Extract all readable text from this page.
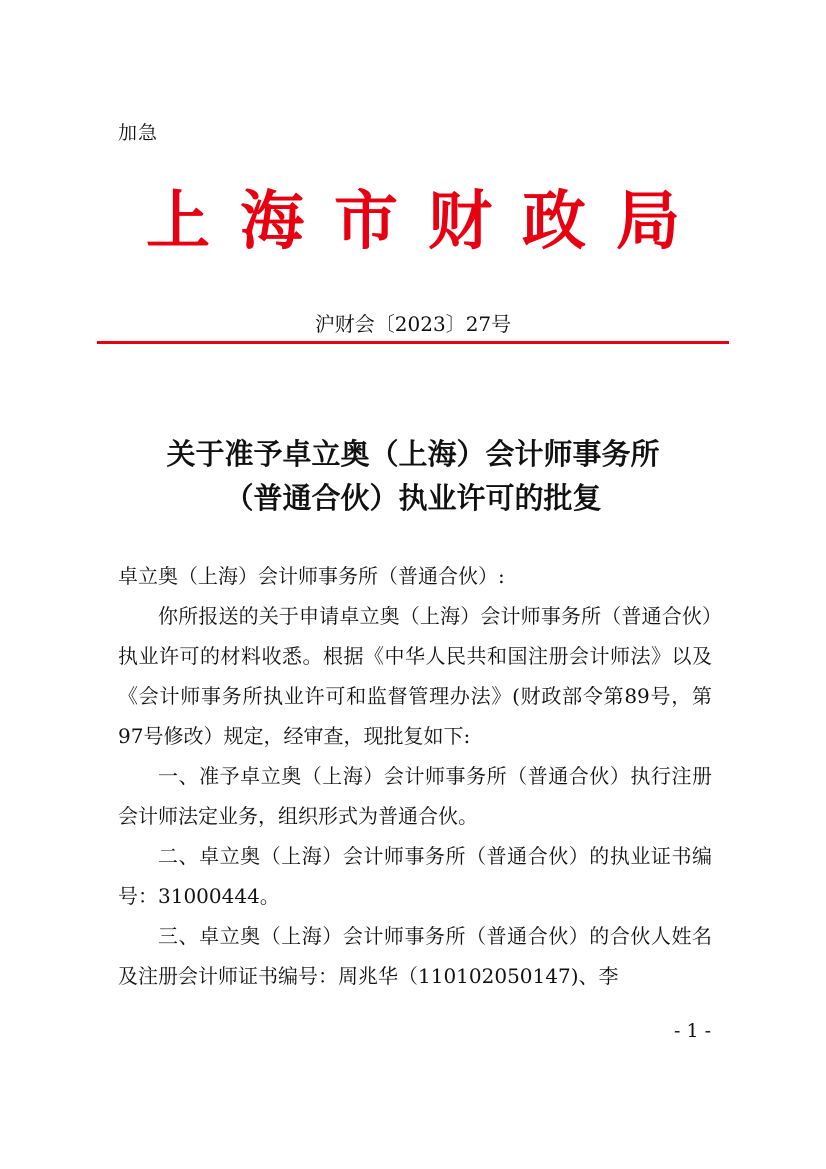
加急
上海市财政局
沪财会〔2023〕27号
关于准予卓立奥（上海）会计师事务所
（普通合伙）执业许可的批复

卓立奥（上海）会计师事务所（普通合伙）:

你所报送的关于申请卓立奥（上海）会计师事务所（普通合伙）执业许可的材料收悉。根据《中华人民共和国注册会计师法》以及《会计师事务所执业许可和监督管理办法》(财政部令第89号，第97号修改）规定，经审查，现批复如下:

一、准予卓立奥（上海）会计师事务所（普通合伙）执行注册会计师法定业务，组织形式为普通合伙。

二、卓立奥（上海）会计师事务所（普通合伙）的执业证书编号：31000444。

三、卓立奥（上海）会计师事务所（普通合伙）的合伙人姓名及注册会计师证书编号：周兆华（110102050147)、李

- 1 -
